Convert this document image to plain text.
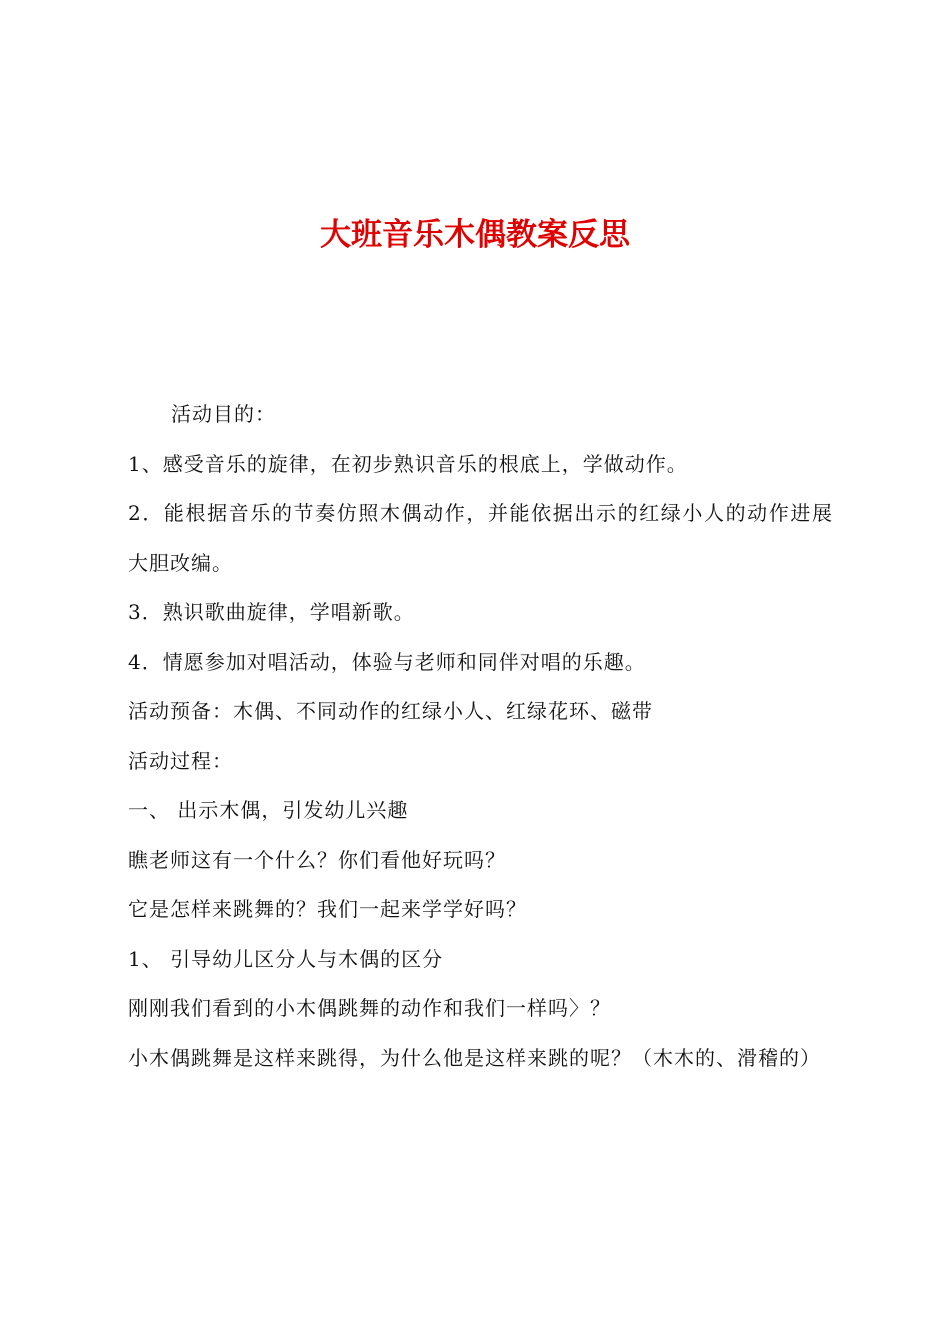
大班音乐木偶教案反思

活动目的：

1、感受音乐的旋律，在初步熟识音乐的根底上，学做动作。

2．能根据音乐的节奏仿照木偶动作，并能依据出示的红绿小人的动作进展大胆改编。

3．熟识歌曲旋律，学唱新歌。

4．情愿参加对唱活动，体验与老师和同伴对唱的乐趣。

活动预备：木偶、不同动作的红绿小人、红绿花环、磁带

活动过程：

一、 出示木偶，引发幼儿兴趣

瞧老师这有一个什么？你们看他好玩吗？

它是怎样来跳舞的？我们一起来学学好吗？

1、 引导幼儿区分人与木偶的区分

刚刚我们看到的小木偶跳舞的动作和我们一样吗〉？

小木偶跳舞是这样来跳得，为什么他是这样来跳的呢？（木木的、滑稽的）
